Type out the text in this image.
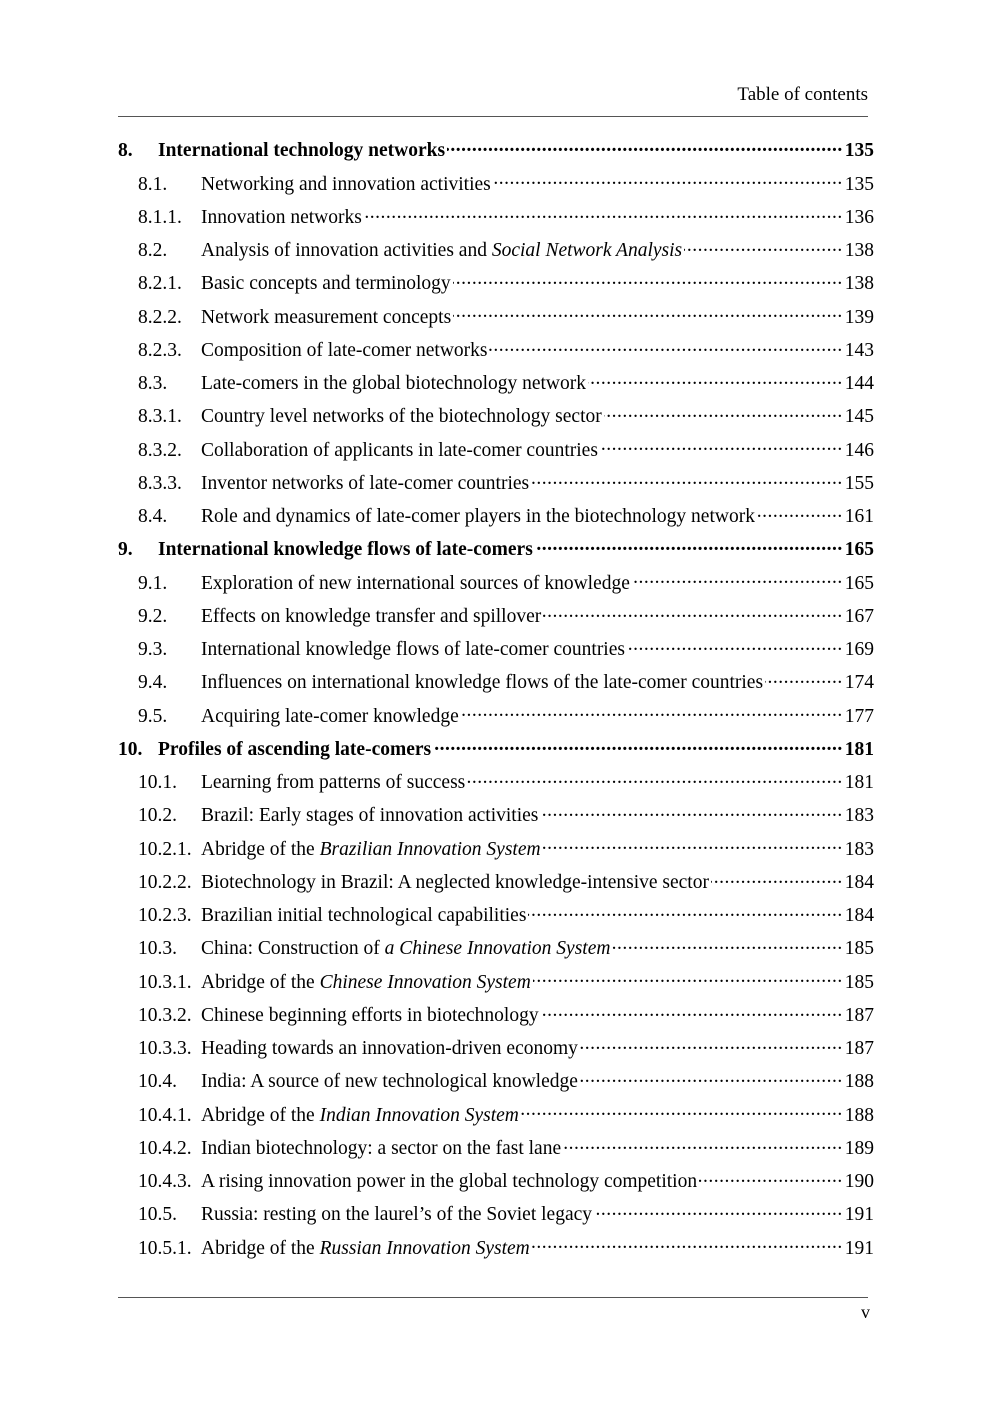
Table of contents
8.	International technology networks .....	135
8.1.	Networking and innovation activities .....	135
8.1.1. Innovation networks .....	136
8.2.	Analysis of innovation activities and Social Network Analysis .....	138
8.2.1. Basic concepts and terminology .....	138
8.2.2. Network measurement concepts .....	139
8.2.3. Composition of late-comer networks .....	143
8.3.	Late-comers in the global biotechnology network .....	144
8.3.1. Country level networks of the biotechnology sector .....	145
8.3.2. Collaboration of applicants in late-comer countries .....	146
8.3.3. Inventor networks of late-comer countries .....	155
8.4.	Role and dynamics of late-comer players in the biotechnology network .....	161
9.	International knowledge flows of late-comers .....	165
9.1.	Exploration of new international sources of knowledge .....	165
9.2.	Effects on knowledge transfer and spillover .....	167
9.3.	International knowledge flows of late-comer countries .....	169
9.4.	Influences on international knowledge flows of the late-comer countries .....	174
9.5.	Acquiring late-comer knowledge .....	177
10. Profiles of ascending late-comers .....	181
10.1.	Learning from patterns of success .....	181
10.2.	Brazil: Early stages of innovation activities .....	183
10.2.1. Abridge of the Brazilian Innovation System .....	183
10.2.2. Biotechnology in Brazil: A neglected knowledge-intensive sector .....	184
10.2.3. Brazilian initial technological capabilities .....	184
10.3.	China: Construction of a Chinese Innovation System .....	185
10.3.1. Abridge of the Chinese Innovation System .....	185
10.3.2. Chinese beginning efforts in biotechnology .....	187
10.3.3. Heading towards an innovation-driven economy .....	187
10.4.	India: A source of new technological knowledge .....	188
10.4.1. Abridge of the Indian Innovation System .....	188
10.4.2. Indian biotechnology: a sector on the fast lane .....	189
10.4.3. A rising innovation power in the global technology competition .....	190
10.5.	Russia: resting on the laurel’s of the Soviet legacy .....	191
10.5.1. Abridge of the Russian Innovation System .....	191
v
